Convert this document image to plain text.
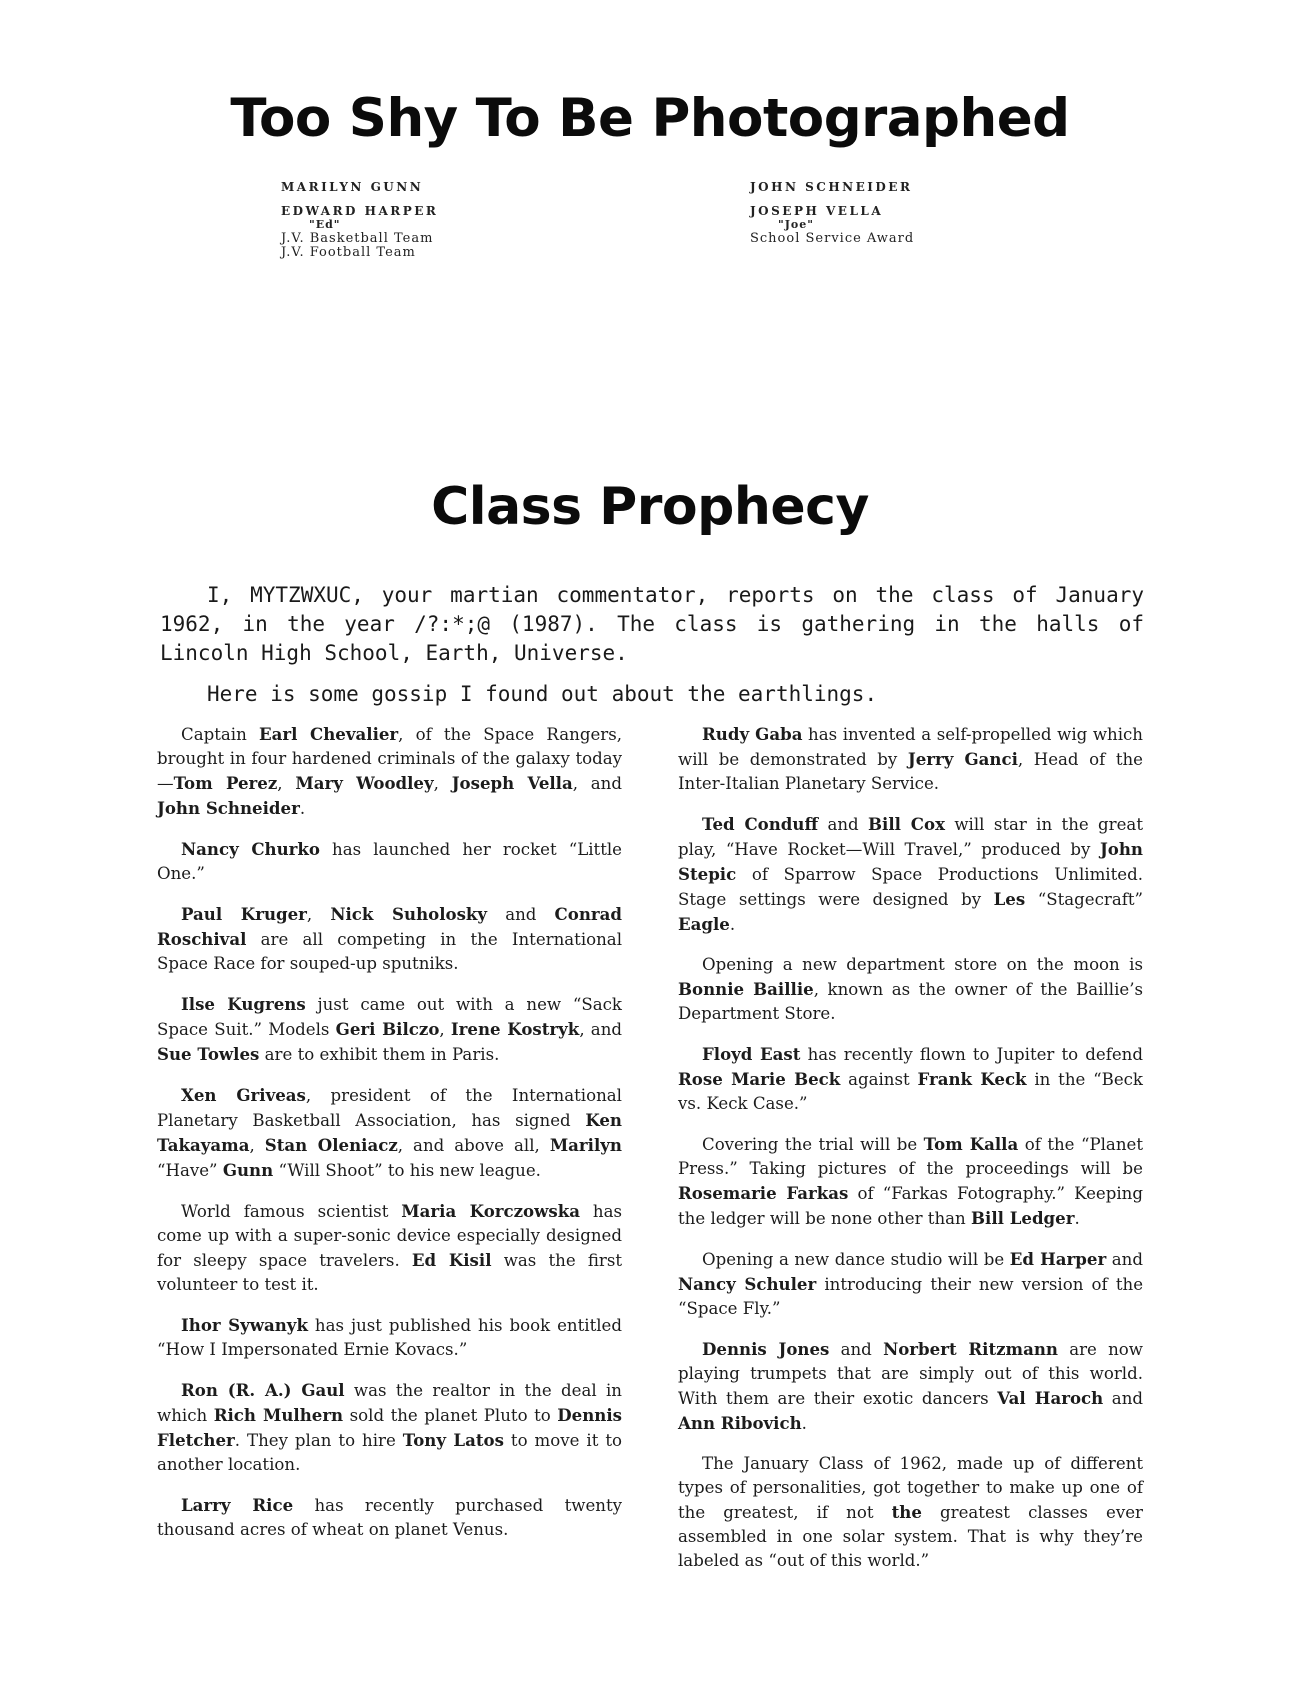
Too Shy To Be Photographed
MARILYN GUNN
EDWARD HARPER
"Ed"
J.V. Basketball Team
J.V. Football Team
JOHN SCHNEIDER
JOSEPH VELLA
"Joe"
School Service Award
Class Prophecy
I, MYTZWXUC, your martian commentator, reports on the class of January 1962, in the year /?:*;@ (1987). The class is gathering in the halls of Lincoln High School, Earth, Universe.
Here is some gossip I found out about the earthlings.

Captain Earl Chevalier, of the Space Rangers, brought in four hardened criminals of the galaxy today—Tom Perez, Mary Woodley, Joseph Vella, and John Schneider.

Nancy Churko has launched her rocket “Little One.”

Paul Kruger, Nick Suholosky and Conrad Roschival are all competing in the International Space Race for souped-up sputniks.

Ilse Kugrens just came out with a new “Sack Space Suit.” Models Geri Bilczo, Irene Kostryk, and Sue Towles are to exhibit them in Paris.

Xen Griveas, president of the International Planetary Basketball Association, has signed Ken Takayama, Stan Oleniacz, and above all, Marilyn “Have” Gunn “Will Shoot” to his new league.

World famous scientist Maria Korczowska has come up with a super-sonic device especially designed for sleepy space travelers. Ed Kisil was the first volunteer to test it.

Ihor Sywanyk has just published his book entitled “How I Impersonated Ernie Kovacs.”

Ron (R. A.) Gaul was the realtor in the deal in which Rich Mulhern sold the planet Pluto to Dennis Fletcher. They plan to hire Tony Latos to move it to another location.

Larry Rice has recently purchased twenty thousand acres of wheat on planet Venus.

Rudy Gaba has invented a self-propelled wig which will be demonstrated by Jerry Ganci, Head of the Inter-Italian Planetary Service.

Ted Conduff and Bill Cox will star in the great play, “Have Rocket—Will Travel,” produced by John Stepic of Sparrow Space Productions Unlimited. Stage settings were designed by Les “Stagecraft” Eagle.

Opening a new department store on the moon is Bonnie Baillie, known as the owner of the Baillie’s Department Store.

Floyd East has recently flown to Jupiter to defend Rose Marie Beck against Frank Keck in the “Beck vs. Keck Case.”

Covering the trial will be Tom Kalla of the “Planet Press.” Taking pictures of the proceedings will be Rosemarie Farkas of “Farkas Fotography.” Keeping the ledger will be none other than Bill Ledger.

Opening a new dance studio will be Ed Harper and Nancy Schuler introducing their new version of the “Space Fly.”

Dennis Jones and Norbert Ritzmann are now playing trumpets that are simply out of this world. With them are their exotic dancers Val Haroch and Ann Ribovich.

The January Class of 1962, made up of different types of personalities, got together to make up one of the greatest, if not the greatest classes ever assembled in one solar system. That is why they’re labeled as “out of this world.”
